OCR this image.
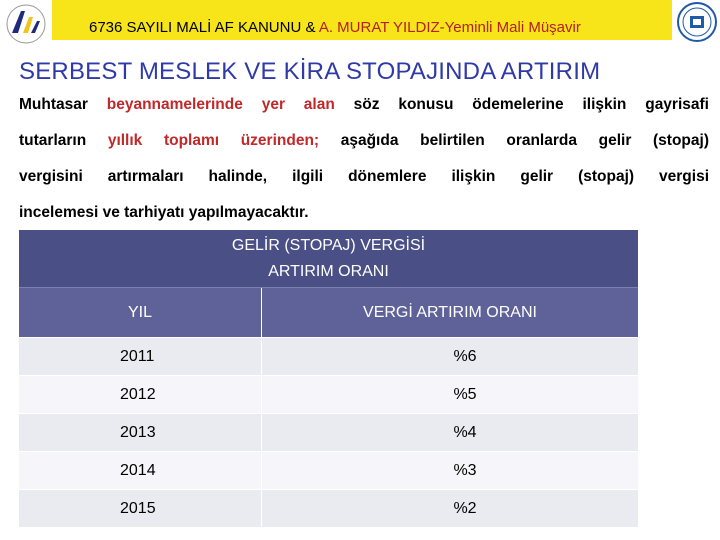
6736 SAYILI MALİ AF KANUNU & A. MURAT YILDIZ-Yeminli Mali Müşavir
SERBEST MESLEK VE KİRA STOPAJINDA ARTIRIM
Muhtasar beyannamelerinde yer alan söz konusu ödemelerine ilişkin gayrisafi
tutarların yıllık toplamı üzerinden; aşağıda belirtilen oranlarda gelir (stopaj)
vergisini artırmaları halinde, ilgili dönemlere ilişkin gelir (stopaj) vergisi
incelemesi ve tarhiyatı yapılmayacaktır.
GELİR (STOPAJ) VERGİSİ
ARTIRIM ORANI	
YIL	VERGİ ARTIRIM ORANI
2011	%6
2012	%5
2013	%4
2014	%3
2015	%2
